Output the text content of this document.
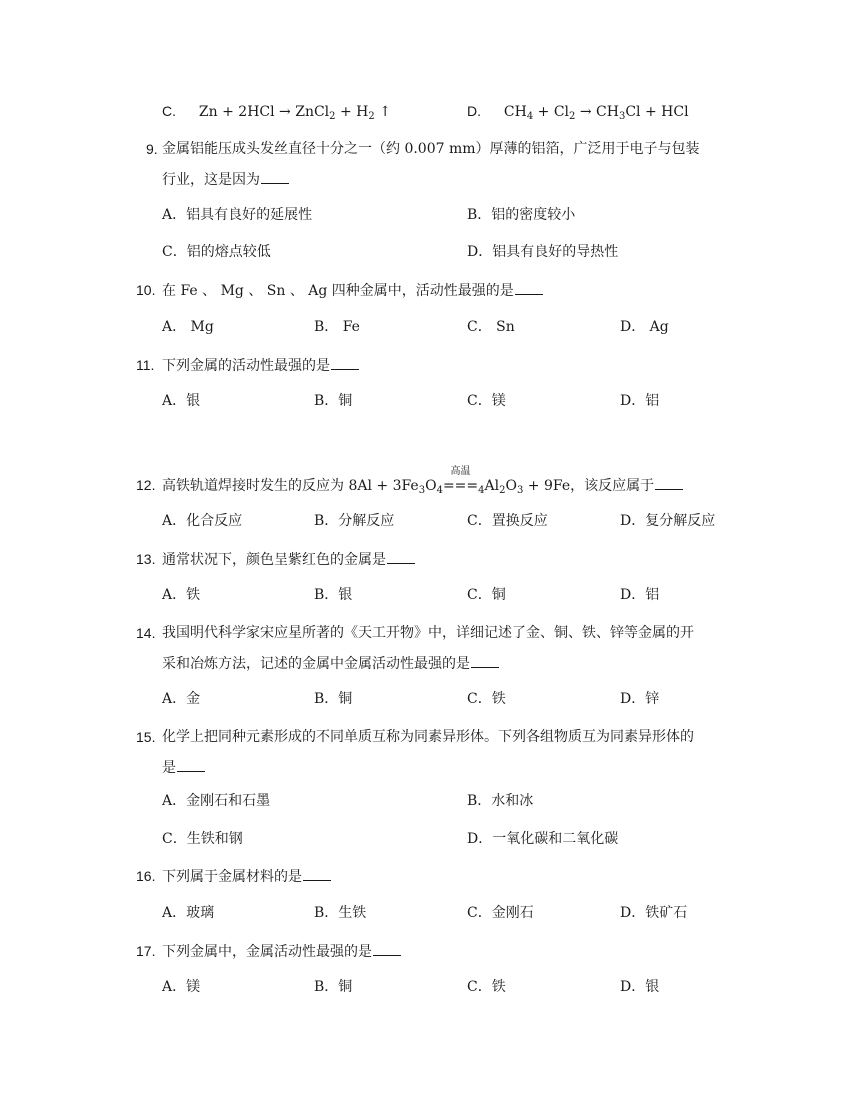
C. Zn + 2HCl → ZnCl$_2$ + $H_2$ ↑	D. $CH_4 + Cl_2 \to CH_3Cl$ + HCl
9. 金属铝能压成头发丝直径十分之一（约 0.007 mm）厚薄的铝箔，广泛用于电子与包装
行业，这是因为
A．铝具有良好的延展性	B．铝的密度较小
C．铝的熔点较低	D．铝具有良好的导热性
10. 在 Fe 、 Mg 、 Sn 、 Ag 四种金属中，活动性最强的是
A． Mg	B． Fe	C． Sn	D． Ag
11. 下列金属的活动性最强的是
A．银	B．铜	C．镁	D．铝
12. 高铁轨道焊接时发生的反应为 $8Al + 3Fe_3O_4$
高温
$===_4Al_2O_3 + 9Fe$，该反应属于
A．化合反应	B．分解反应	C．置换反应	D．复分解反应
13. 通常状况下，颜色呈紫红色的金属是
A．铁	B．银	C．铜	D．铝
14. 我国明代科学家宋应星所著的《天工开物》中，详细记述了金、铜、铁、锌等金属的开
采和冶炼方法，记述的金属中金属活动性最强的是
A．金	B．铜	C．铁	D．锌
15. 化学上把同种元素形成的不同单质互称为同素异形体。下列各组物质互为同素异形体的
是
A．金刚石和石墨	B．水和冰
C．生铁和钢	D．一氧化碳和二氧化碳
16. 下列属于金属材料的是
A．玻璃	B．生铁	C．金刚石	D．铁矿石
17. 下列金属中，金属活动性最强的是
A．镁	B．铜	C．铁	D．银
